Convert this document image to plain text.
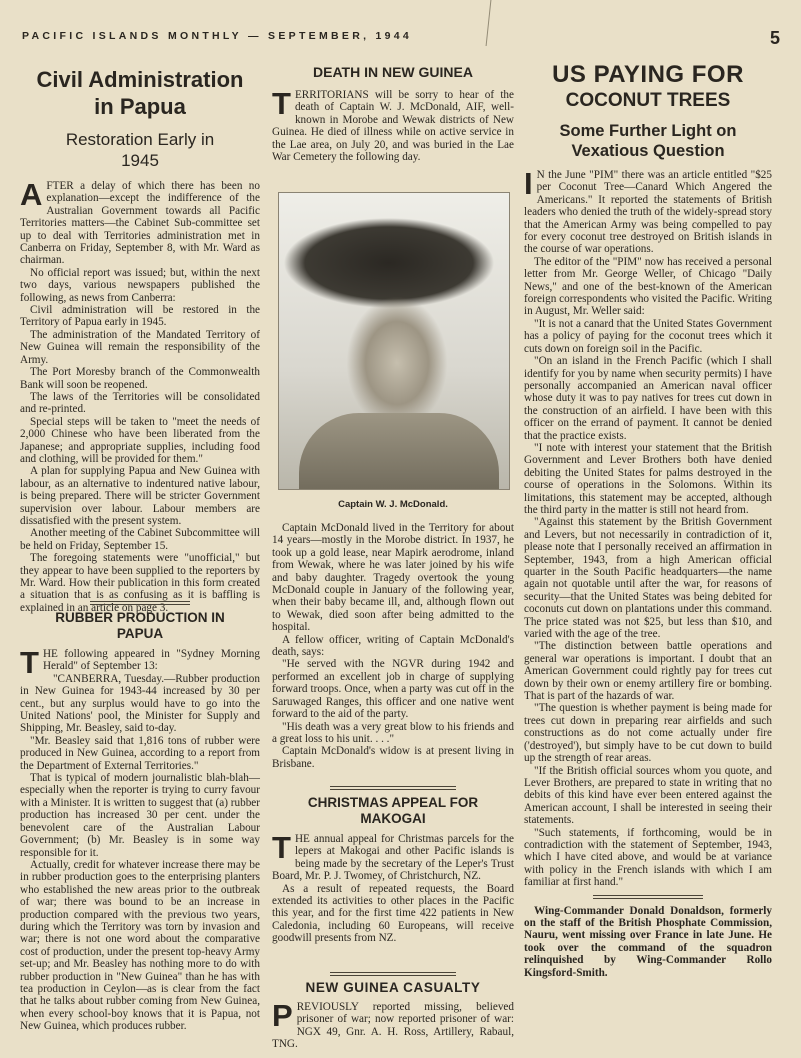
PACIFIC ISLANDS MONTHLY — SEPTEMBER, 1944	5
Civil Administration
in Papua
Restoration Early in
1945

AFTER a delay of which there has been no explanation—except the indifference of the Australian Government towards all Pacific Territories matters—the Cabinet Sub-committee set up to deal with Territories administration met in Canberra on Friday, September 8, with Mr. Ward as chairman.

No official report was issued; but, within the next two days, various newspapers published the following, as news from Canberra:

Civil administration will be restored in the Territory of Papua early in 1945.

The administration of the Mandated Territory of New Guinea will remain the responsibility of the Army.

The Port Moresby branch of the Commonwealth Bank will soon be reopened.

The laws of the Territories will be consolidated and re-printed.

Special steps will be taken to "meet the needs of 2,000 Chinese who have been liberated from the Japanese; and appropriate supplies, including food and clothing, will be provided for them."

A plan for supplying Papua and New Guinea with labour, as an alternative to indentured native labour, is being prepared. There will be stricter Government supervision over labour. Labour members are dissatisfied with the present system.

Another meeting of the Cabinet Subcommittee will be held on Friday, September 15.

The foregoing statements were "unofficial," but they appear to have been supplied to the reporters by Mr. Ward. How their publication in this form created a situation that is as confusing as it is baffling is explained in an article on page 3.

RUBBER PRODUCTION IN
PAPUA

THE following appeared in "Sydney Morning Herald" of September 13:

"CANBERRA, Tuesday.—Rubber production in New Guinea for 1943-44 increased by 30 per cent., but any surplus would have to go into the United Nations' pool, the Minister for Supply and Shipping, Mr. Beasley, said to-day.

"Mr. Beasley said that 1,816 tons of rubber were produced in New Guinea, according to a report from the Department of External Territories."

That is typical of modern journalistic blah-blah—especially when the reporter is trying to curry favour with a Minister. It is written to suggest that (a) rubber production has increased 30 per cent. under the benevolent care of the Australian Labour Government; (b) Mr. Beasley is in some way responsible for it.

Actually, credit for whatever increase there may be in rubber production goes to the enterprising planters who established the new areas prior to the outbreak of war; there was bound to be an increase in production compared with the previous two years, during which the Territory was torn by invasion and war; there is not one word about the comparative cost of production, under the present top-heavy Army set-up; and Mr. Beasley has nothing more to do with rubber production in "New Guinea" than he has with tea production in Ceylon—as is clear from the fact that he talks about rubber coming from New Guinea, when every school-boy knows that it is Papua, not New Guinea, which produces rubber.

DEATH IN NEW GUINEA

TERRITORIANS will be sorry to hear of the death of Captain W. J. McDonald, AIF, well-known in Morobe and Wewak districts of New Guinea. He died of illness while on active service in the Lae area, on July 20, and was buried in the Lae War Cemetery the following day.

Captain W. J. McDonald.

Captain McDonald lived in the Territory for about 14 years—mostly in the Morobe district. In 1937, he took up a gold lease, near Mapirk aerodrome, inland from Wewak, where he was later joined by his wife and baby daughter. Tragedy overtook the young McDonald couple in January of the following year, when their baby became ill, and, although flown out to Wewak, died soon after being admitted to the hospital.

A fellow officer, writing of Captain McDonald's death, says:

"He served with the NGVR during 1942 and performed an excellent job in charge of supplying forward troops. Once, when a party was cut off in the Saruwaged Ranges, this officer and one native went forward to the aid of the party.

"His death was a very great blow to his friends and a great loss to his unit. . . ."

Captain McDonald's widow is at present living in Brisbane.

CHRISTMAS APPEAL FOR
MAKOGAI

THE annual appeal for Christmas parcels for the lepers at Makogai and other Pacific islands is being made by the secretary of the Leper's Trust Board, Mr. P. J. Twomey, of Christchurch, NZ.

As a result of repeated requests, the Board extended its activities to other places in the Pacific this year, and for the first time 422 patients in New Caledonia, including 60 Europeans, will receive goodwill presents from NZ.

NEW GUINEA CASUALTY

PREVIOUSLY reported missing, believed prisoner of war; now reported prisoner of war: NGX 49, Gnr. A. H. Ross, Artillery, Rabaul, TNG.

US PAYING FOR
COCONUT TREES
Some Further Light on
Vexatious Question

I N the June "PIM" there was an article entitled "$25 per Coconut Tree—Canard Which Angered the Americans." It reported the statements of British leaders who denied the truth of the widely-spread story that the American Army was being compelled to pay for every coconut tree destroyed on British islands in the course of war operations.

The editor of the "PIM" now has received a personal letter from Mr. George Weller, of Chicago "Daily News," and one of the best-known of the American foreign correspondents who visited the Pacific. Writing in August, Mr. Weller said:

"It is not a canard that the United States Government has a policy of paying for the coconut trees which it cuts down on foreign soil in the Pacific.

"On an island in the French Pacific (which I shall identify for you by name when security permits) I have personally accompanied an American naval officer whose duty it was to pay natives for trees cut down in the construction of an airfield. I have been with this officer on the errand of payment. It cannot be denied that the practice exists.

"I note with interest your statement that the British Government and Lever Brothers both have denied debiting the United States for palms destroyed in the course of operations in the Solomons. Within its limitations, this statement may be accepted, although the third party in the matter is still not heard from.

"Against this statement by the British Government and Levers, but not necessarily in contradiction of it, please note that I personally received an affirmation in September, 1943, from a high American official quarter in the South Pacific headquarters—the name again not quotable until after the war, for reasons of security—that the United States was being debited for coconuts cut down on plantations under this command. The price stated was not $25, but less than $10, and varied with the age of the tree.

"The distinction between battle operations and general war operations is important. I doubt that an American Government could rightly pay for trees cut down by their own or enemy artillery fire or bombing. That is part of the hazards of war.

"The question is whether payment is being made for trees cut down in preparing rear airfields and such constructions as do not come actually under fire ('destroyed'), but simply have to be cut down to build up the strength of rear areas.

"If the British official sources whom you quote, and Lever Brothers, are prepared to state in writing that no debits of this kind have ever been entered against the American account, I shall be interested in seeing their statements.

"Such statements, if forthcoming, would be in contradiction with the statement of September, 1943, which I have cited above, and would be at variance with policy in the French islands with which I am familiar at first hand."

Wing-Commander Donald Donaldson, formerly on the staff of the British Phosphate Commission, Nauru, went missing over France in late June. He took over the command of the squadron relinquished by Wing-Commander Rollo Kingsford-Smith.
